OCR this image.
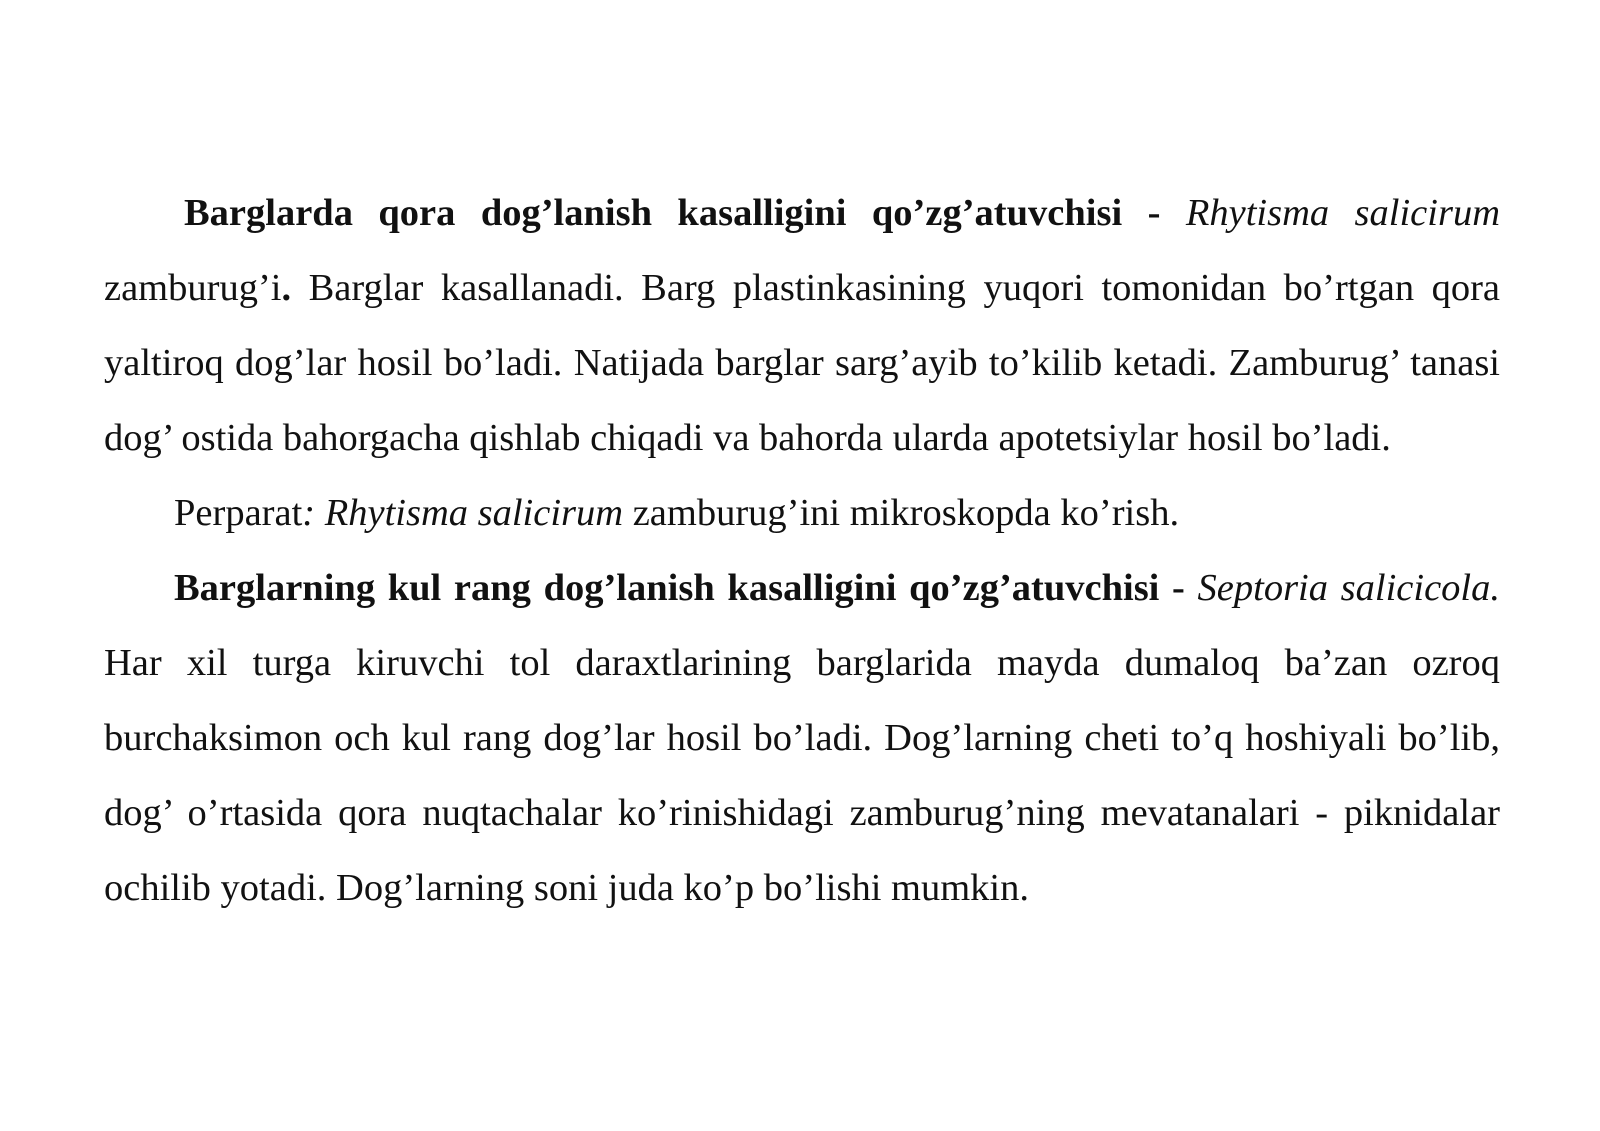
Barglarda qora dog’lanish kasalligini qo’zg’atuvchisi - Rhytisma salicirum zamburug’i. Barglar kasallanadi. Barg plastinkasining yuqori tomonidan bo’rtgan qora yaltiroq dog’lar hosil bo’ladi. Natijada barglar sarg’ayib to’kilib ketadi. Zamburug’ tanasi dog’ ostida bahorgacha qishlab chiqadi va bahorda ularda apotetsiylar hosil bo’ladi.

Perparat: Rhytisma salicirum zamburug’ini mikroskopda ko’rish.

Barglarning kul rang dog’lanish kasalligini qo’zg’atuvchisi - Septoria salicicola. Har xil turga kiruvchi tol daraxtlarining barglarida mayda dumaloq ba’zan ozroq burchaksimon och kul rang dog’lar hosil bo’ladi. Dog’larning cheti to’q hoshiyali bo’lib, dog’ o’rtasida qora nuqtachalar ko’rinishidagi zamburug’ning mevatanalari - piknidalar ochilib yotadi. Dog’larning soni juda ko’p bo’lishi mumkin.
